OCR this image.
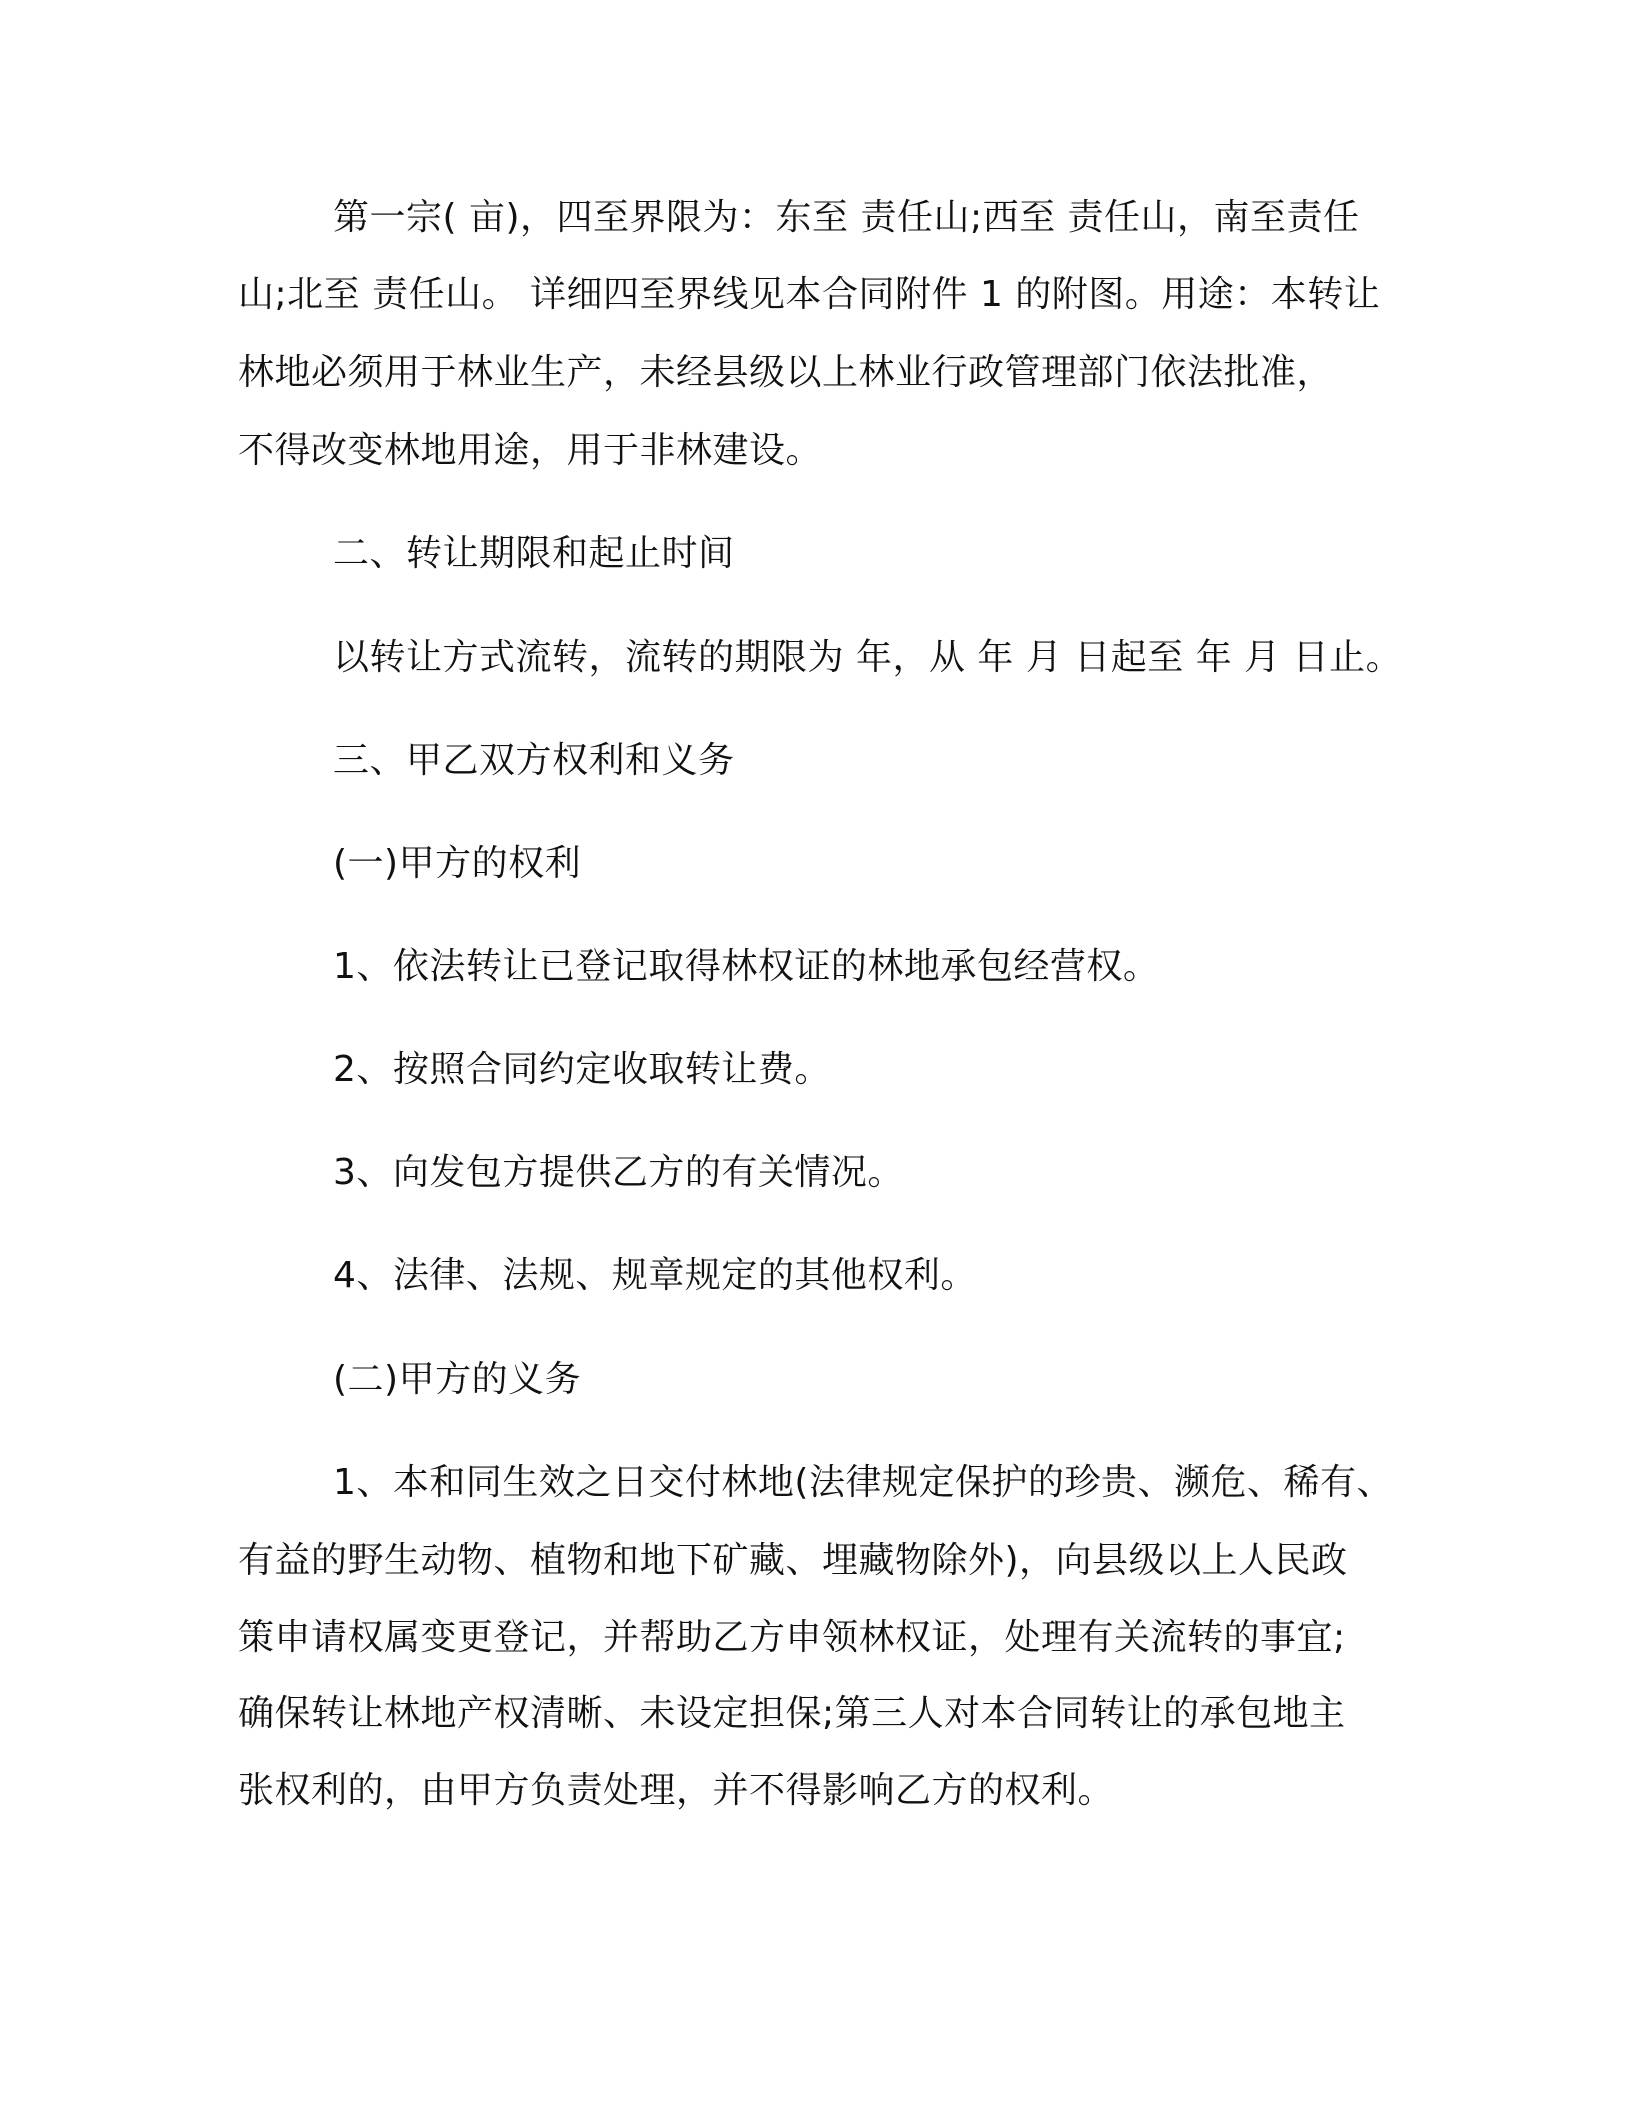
第一宗( 亩)，四至界限为：东至 责任山;西至 责任山，南至责任
山;北至 责任山。 详细四至界线见本合同附件 1 的附图。用途：本转让
林地必须用于林业生产，未经县级以上林业行政管理部门依法批准，
不得改变林地用途，用于非林建设。
二、转让期限和起止时间
以转让方式流转，流转的期限为 年，从 年 月 日起至 年 月 日止。
三、甲乙双方权利和义务
(一)甲方的权利
1、依法转让已登记取得林权证的林地承包经营权。
2、按照合同约定收取转让费。
3、向发包方提供乙方的有关情况。
4、法律、法规、规章规定的其他权利。
(二)甲方的义务
1、本和同生效之日交付林地(法律规定保护的珍贵、濒危、稀有、
有益的野生动物、植物和地下矿藏、埋藏物除外)，向县级以上人民政
策申请权属变更登记，并帮助乙方申领林权证，处理有关流转的事宜;
确保转让林地产权清晰、未设定担保;第三人对本合同转让的承包地主
张权利的，由甲方负责处理，并不得影响乙方的权利。
